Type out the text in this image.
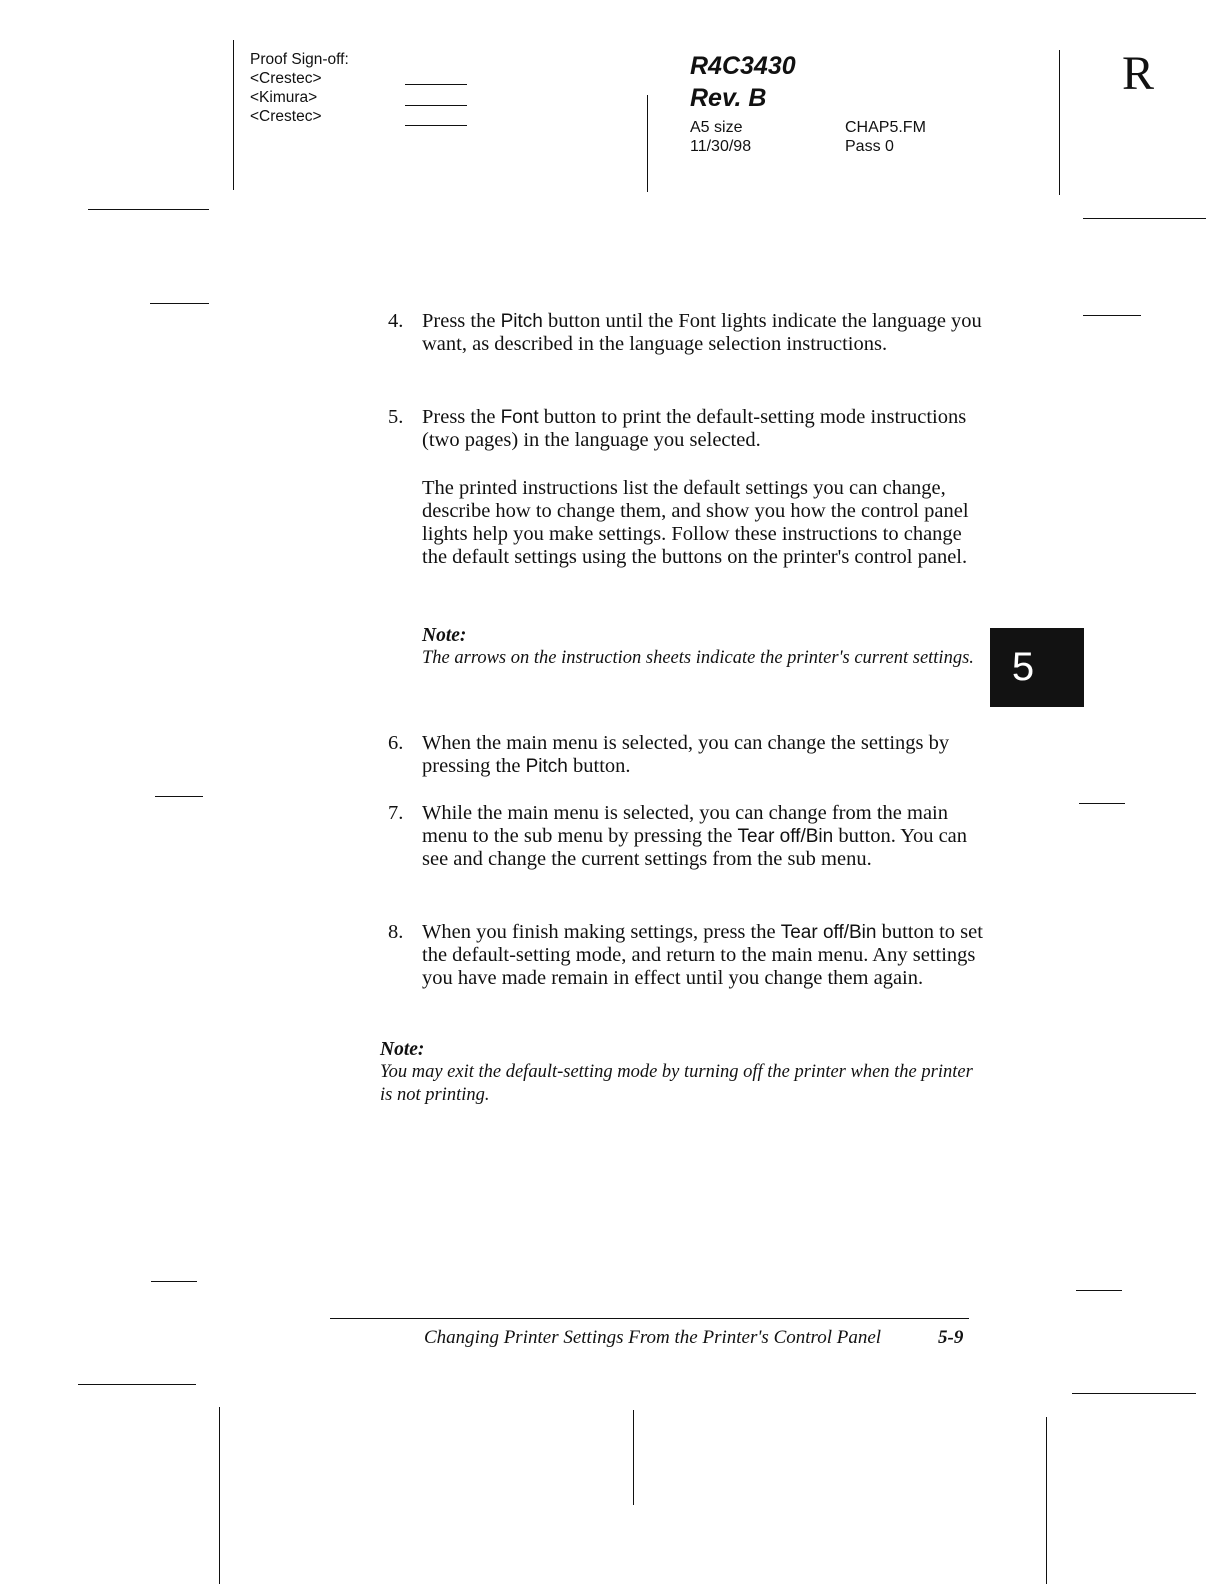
Proof Sign-off:
<Crestec>
<Kimura>
<Crestec>
R4C3430
Rev. B
A5 size
11/30/98
CHAP5.FM
Pass 0
R
4. Press the Pitch button until the Font lights indicate the language you want, as described in the language selection instructions.
5. Press the Font button to print the default-setting mode instructions (two pages) in the language you selected.
The printed instructions list the default settings you can change, describe how to change them, and show you how the control panel lights help you make settings. Follow these instructions to change the default settings using the buttons on the printer's control panel.
Note:
The arrows on the instruction sheets indicate the printer's current settings.
6. When the main menu is selected, you can change the settings by pressing the Pitch button.
7. While the main menu is selected, you can change from the main menu to the sub menu by pressing the Tear off/Bin button. You can see and change the current settings from the sub menu.
8. When you finish making settings, press the Tear off/Bin button to set the default-setting mode, and return to the main menu. Any settings you have made remain in effect until you change them again.
Note:
You may exit the default-setting mode by turning off the printer when the printer is not printing.
5
Changing Printer Settings From the Printer's Control Panel	5-9
